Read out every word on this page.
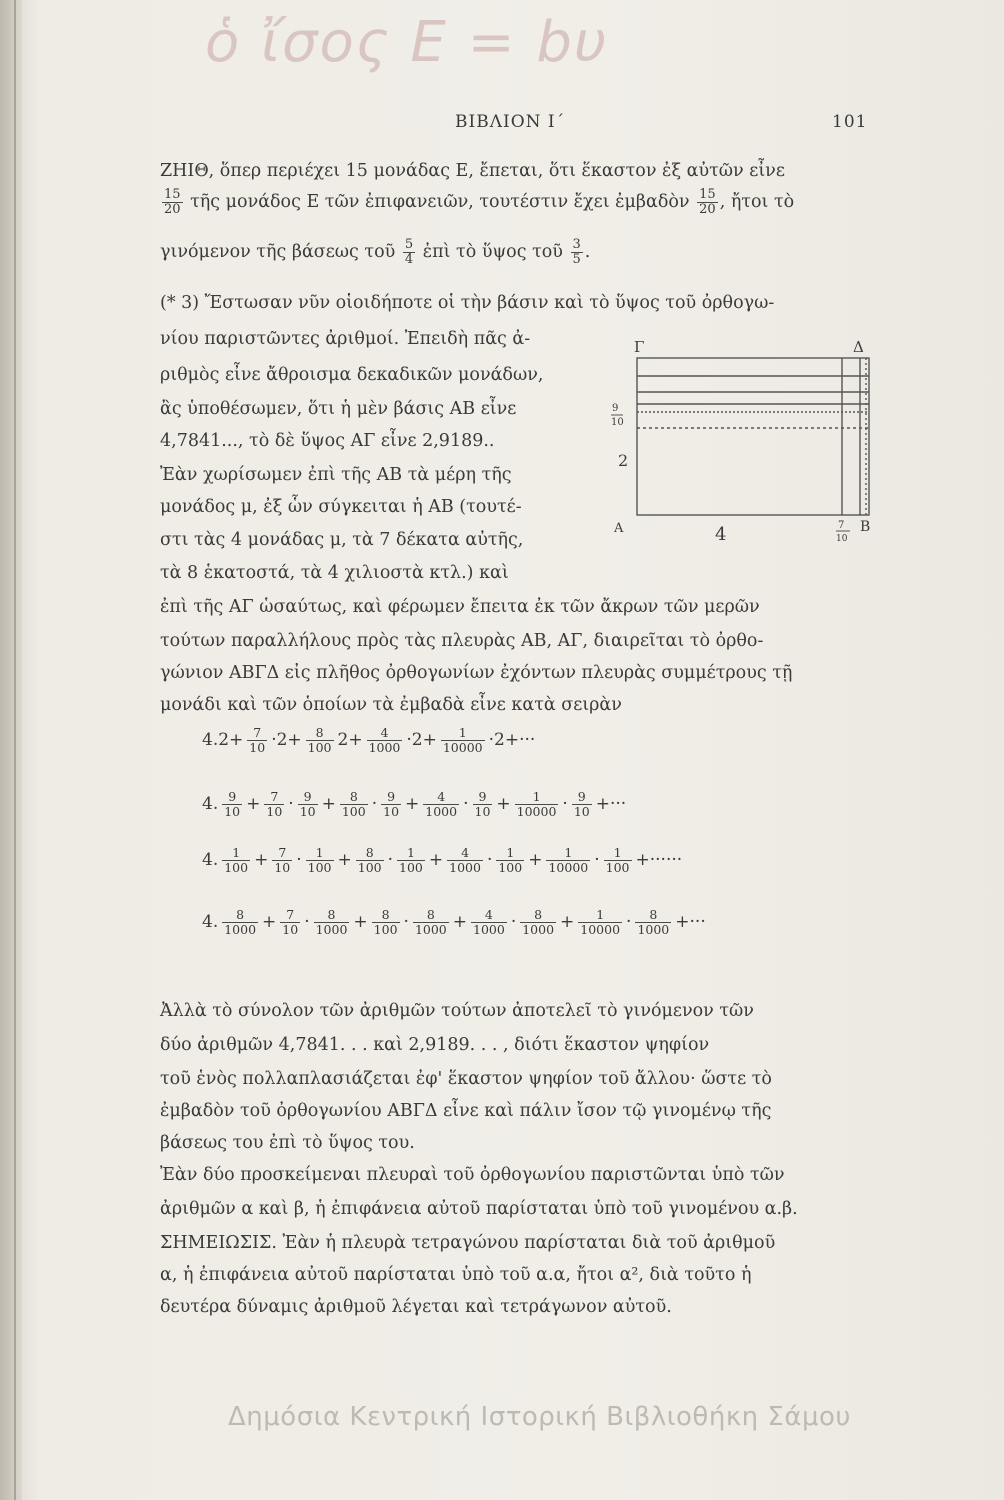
ὁ ἴσος Ε = bυ
ΒΙΒΛΙΟΝ Ι΄	101
ΖΗΙΘ, ὅπερ περιέχει 15 μονάδας Ε, ἔπεται, ὅτι ἕκαστον ἐξ αὐτῶν εἶνε
$\frac{15}{20}$ τῆς μονάδος Ε τῶν ἐπιφανειῶν, τουτέστιν ἔχει ἐμβαδὸν $\frac{15}{20}$ , ἤτοι τὸ
γινόμενον τῆς βάσεως τοῦ $\frac{5}{4}$ ἐπὶ τὸ ὕψος τοῦ $\frac{3}{5}$ .
(* 3) Ἔστωσαν νῦν οἱοιδήποτε οἱ τὴν βάσιν καὶ τὸ ὕψος τοῦ ὀρθογω-
νίου παριστῶντες ἀριθμοί. Ἐπειδὴ πᾶς ἀ-
ριθμὸς εἶνε ἄθροισμα δεκαδικῶν μονάδων,
ἂς ὑποθέσωμεν, ὅτι ἡ μὲν βάσις ΑΒ εἶνε
4,7841..., τὸ δὲ ὕψος ΑΓ εἶνε 2,9189..
Ἐὰν χωρίσωμεν ἐπὶ τῆς ΑΒ τὰ μέρη τῆς
μονάδος μ, ἐξ ὧν σύγκειται ἡ ΑΒ (τουτέ-
στι τὰς 4 μονάδας μ, τὰ 7 δέκατα αὐτῆς,
τὰ 8 ἑκατοστά, τὰ 4 χιλιοστὰ κτλ.) καὶ
ἐπὶ τῆς ΑΓ ὡσαύτως, καὶ φέρωμεν ἔπειτα ἐκ τῶν ἄκρων τῶν μερῶν
τούτων παραλλήλους πρὸς τὰς πλευρὰς ΑΒ, ΑΓ, διαιρεῖται τὸ ὀρθο-
γώνιον ΑΒΓΔ εἰς πλῆθος ὀρθογωνίων ἐχόντων πλευρὰς συμμέτρους τῇ
μονάδι καὶ τῶν ὁποίων τὰ ἐμβαδὰ εἶνε κατὰ σειρὰν
Γ	Δ
9
10
2
Α	4	7
10
Β
$4.2+ \frac{7}{10} \cdot 2+ \frac{8}{100} 2+ \frac{4}{1000} \cdot 2+ \frac{1}{10000} \cdot 2+\cdot\cdot\cdot$
4. $\frac{9}{10} + \frac{7}{10} \cdot \frac{9}{10} + \frac{8}{100} \cdot \frac{9}{10} + \frac{4}{1000} \cdot \frac{9}{10} + \frac{1}{10000} \cdot \frac{9}{10}$ +···
4. $\frac{1}{100} + \frac{7}{10} \cdot \frac{1}{100} + \frac{8}{100} \cdot \frac{1}{100} + \frac{4}{1000} \cdot \frac{1}{100} + \frac{1}{10000} \cdot \frac{1}{100}$ +······
4. $\frac{8}{1000} + \frac{7}{10} \cdot \frac{8}{1000} + \frac{8}{100} \cdot \frac{8}{1000} + \frac{4}{1000} \cdot \frac{8}{1000} + \frac{1}{10000} \cdot \frac{8}{1000}$ +···
Ἀλλὰ τὸ σύνολον τῶν ἀριθμῶν τούτων ἀποτελεῖ τὸ γινόμενον τῶν
δύο ἀριθμῶν 4,7841. . . καὶ 2,9189. . . , διότι ἕκαστον ψηφίον
τοῦ ἑνὸς πολλαπλασιάζεται ἐφ' ἕκαστον ψηφίον τοῦ ἄλλου· ὥστε τὸ
ἐμβαδὸν τοῦ ὀρθογωνίου ΑΒΓΔ εἶνε καὶ πάλιν ἴσον τῷ γινομένῳ τῆς
βάσεως του ἐπὶ τὸ ὕψος του.
Ἐὰν δύο προσκείμεναι πλευραὶ τοῦ ὀρθογωνίου παριστῶνται ὑπὸ τῶν
ἀριθμῶν α καὶ β, ἡ ἐπιφάνεια αὐτοῦ παρίσταται ὑπὸ τοῦ γινομένου α.β.
ΣΗΜΕΙΩΣΙΣ. Ἐὰν ἡ πλευρὰ τετραγώνου παρίσταται διὰ τοῦ ἀριθμοῦ
α, ἡ ἐπιφάνεια αὐτοῦ παρίσταται ὑπὸ τοῦ α.α, ἤτοι α², διὰ τοῦτο ἡ
δευτέρα δύναμις ἀριθμοῦ λέγεται καὶ τετράγωνον αὐτοῦ.
Δημόσια Κεντρική Ιστορική Βιβλιοθήκη Σάμου
